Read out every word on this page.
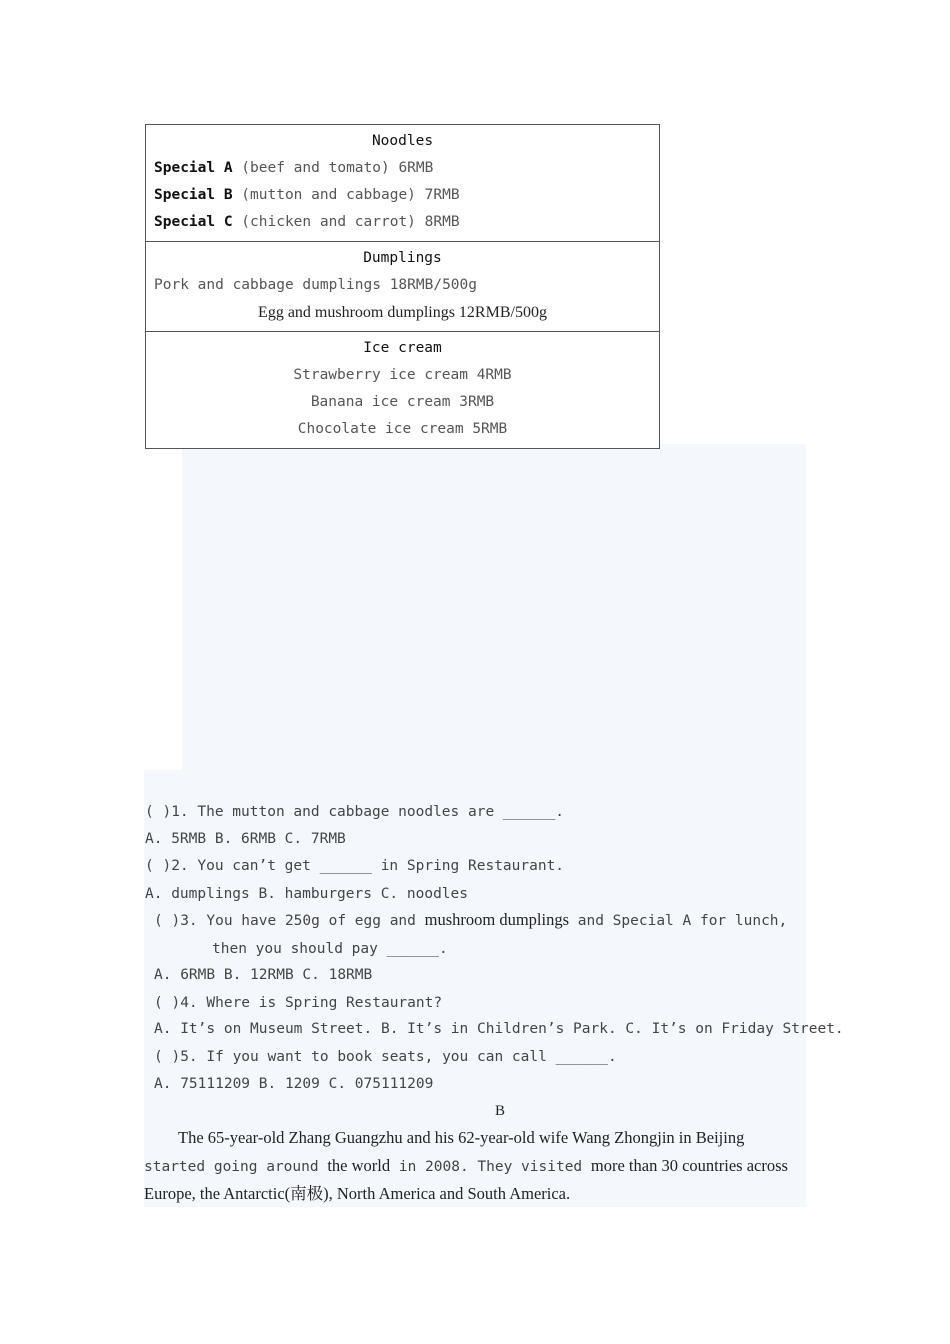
Noodles
Special A (beef and tomato) 6RMB
Special B (mutton and cabbage) 7RMB
Special C (chicken and carrot) 8RMB
Dumplings
Pork and cabbage dumplings 18RMB/500g
Egg and mushroom dumplings 12RMB/500g
Ice cream
Strawberry ice cream 4RMB
Banana ice cream 3RMB
Chocolate ice cream 5RMB
( )1. The mutton and cabbage noodles are ______.
A. 5RMB B. 6RMB C. 7RMB
( )2. You can’t get ______ in Spring Restaurant.
A. dumplings B. hamburgers C. noodles
( )3. You have 250g of egg and mushroom dumplings and Special A for lunch,
then you should pay ______.
A. 6RMB B. 12RMB C. 18RMB
( )4. Where is Spring Restaurant?
A. It’s on Museum Street. B. It’s in Children’s Park. C. It’s on Friday Street.
( )5. If you want to book seats, you can call ______.
A. 75111209 B. 1209 C. 075111209
B
The 65-year-old Zhang Guangzhu and his 62-year-old wife Wang Zhongjin in Beijing
started going around the world in 2008. They visited more than 30 countries across
Europe, the Antarctic(南极), North America and South America.
